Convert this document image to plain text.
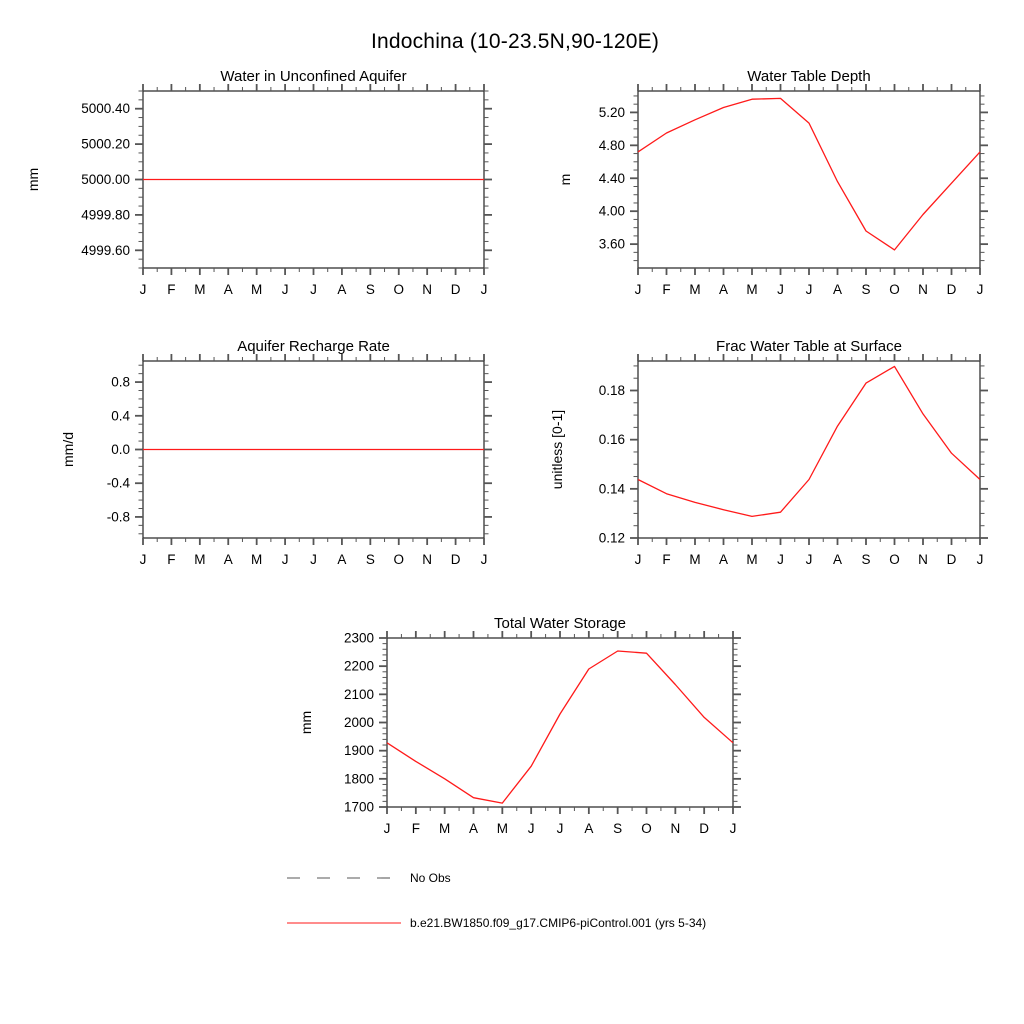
Indochina (10-23.5N,90-120E)
J F M A M J J A S O N D J
4999.60
4999.80
5000.00
5000.20
5000.40
Water in Unconfined Aquifer
mm
J F M A M J J A S O N D J
3.60
4.00
4.40
4.80
5.20
Water Table Depth
m
J F M A M J J A S O N D J
-0.8
-0.4
0.0
0.4
0.8
Aquifer Recharge Rate
mm/d
J F M A M J J A S O N D J
0.12
0.14
0.16
0.18
Frac Water Table at Surface
unitless [0-1]
J F M A M J J A S O N D J
1700
1800
1900
2000
2100
2200
2300
Total Water Storage
mm
No Obs
b.e21.BW1850.f09_g17.CMIP6-piControl.001 (yrs 5-34)
